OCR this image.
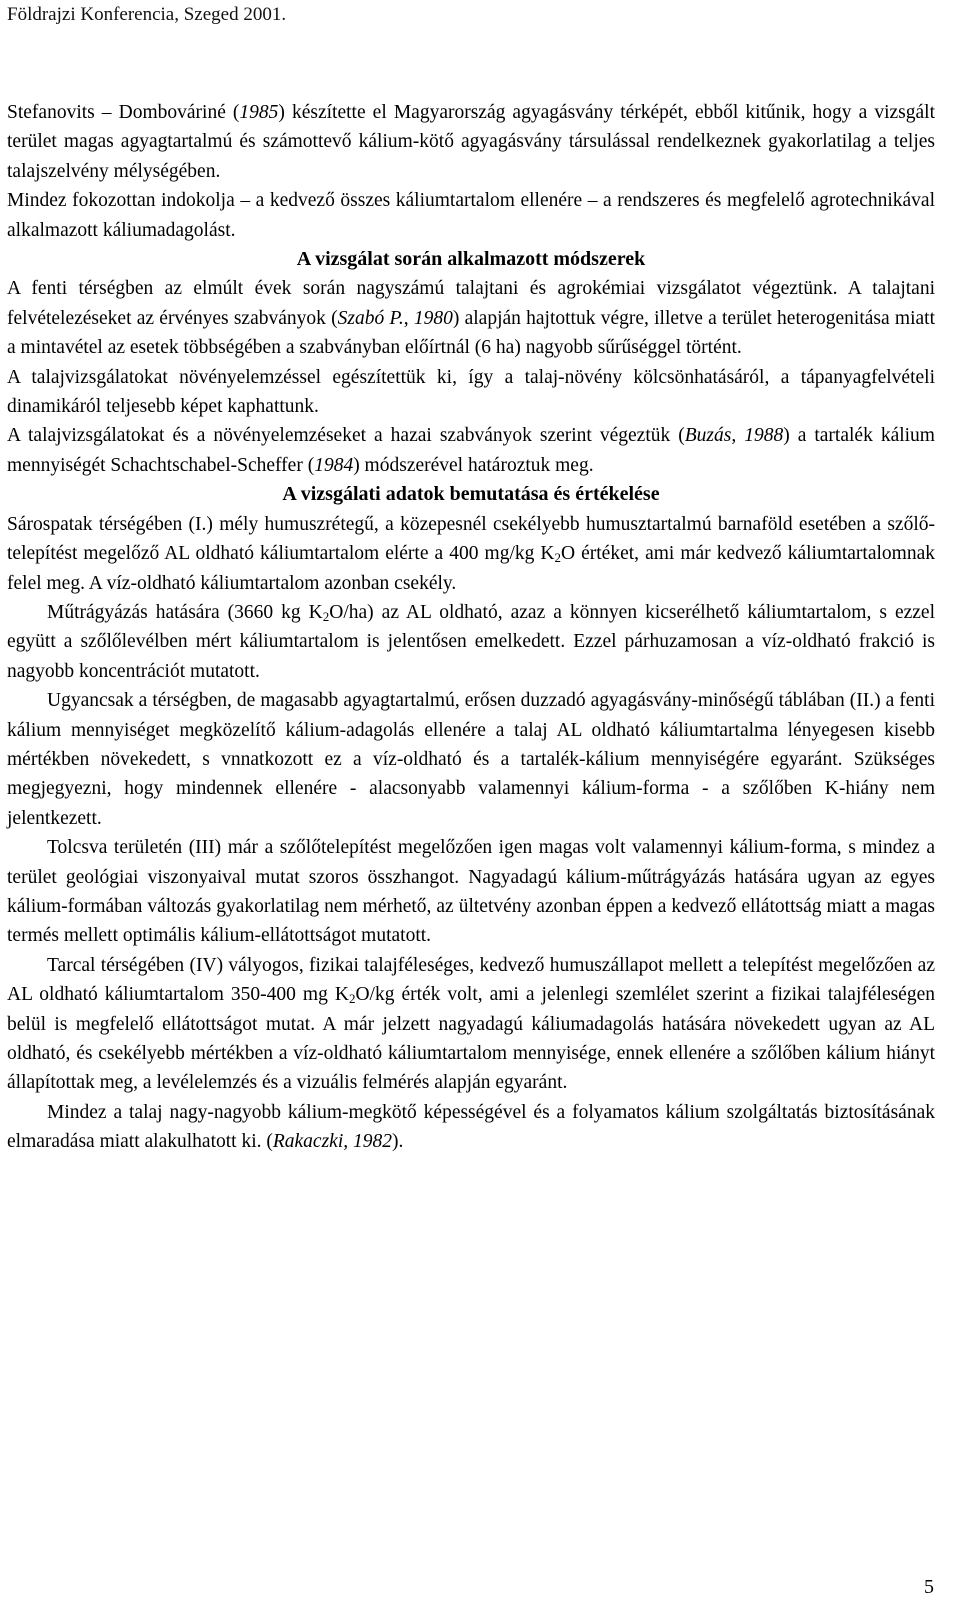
Földrajzi Konferencia, Szeged 2001.

Stefanovits – Dombováriné (1985) készítette el Magyarország agyagásvány térképét, ebből kitűnik, hogy a vizsgált terület magas agyagtartalmú és számottevő kálium-kötő agyagásvány társulással rendelkeznek gyakorlatilag a teljes talajszelvény mélységében.

Mindez fokozottan indokolja – a kedvező összes káliumtartalom ellenére – a rendszeres és megfelelő agrotechnikával alkalmazott káliumadagolást.

A vizsgálat során alkalmazott módszerek

A fenti térségben az elmúlt évek során nagyszámú talajtani és agrokémiai vizsgálatot végeztünk. A talajtani felvételezéseket az érvényes szabványok (Szabó P., 1980) alapján hajtottuk végre, illetve a terület heterogenitása miatt a mintavétel az esetek többségében a szabványban előírtnál (6 ha) nagyobb sűrűséggel történt.

A talajvizsgálatokat növényelemzéssel egészítettük ki, így a talaj-növény kölcsönhatásáról, a tápanyagfelvételi dinamikáról teljesebb képet kaphattunk.

A talajvizsgálatokat és a növényelemzéseket a hazai szabványok szerint végeztük (Buzás, 1988) a tartalék kálium mennyiségét Schachtschabel-Scheffer (1984) módszerével határoztuk meg.

A vizsgálati adatok bemutatása és értékelése

Sárospatak térségében (I.) mély humuszrétegű, a közepesnél csekélyebb humusztartalmú barnaföld esetében a szőlő-telepítést megelőző AL oldható káliumtartalom elérte a 400 mg/kg $K_2O$ értéket, ami már kedvező káliumtartalomnak felel meg. A víz-oldható káliumtartalom azonban csekély.

Műtrágyázás hatására (3660 kg $K_2O/ha$) az AL oldható, azaz a könnyen kicserélhető káliumtartalom, s ezzel együtt a szőlőlevélben mért káliumtartalom is jelentősen emelkedett. Ezzel párhuzamosan a víz-oldható frakció is nagyobb koncentrációt mutatott.

Ugyancsak a térségben, de magasabb agyagtartalmú, erősen duzzadó agyagásvány-minőségű táblában (II.) a fenti kálium mennyiséget megközelítő kálium-adagolás ellenére a talaj AL oldható káliumtartalma lényegesen kisebb mértékben növekedett, s vnnatkozott ez a víz-oldható és a tartalék-kálium mennyiségére egyaránt. Szükséges megjegyezni, hogy mindennek ellenére - alacsonyabb valamennyi kálium-forma - a szőlőben K-hiány nem jelentkezett.

Tolcsva területén (III) már a szőlőtelepítést megelőzően igen magas volt valamennyi kálium-forma, s mindez a terület geológiai viszonyaival mutat szoros összhangot. Nagyadagú kálium-műtrágyázás hatására ugyan az egyes kálium-formában változás gyakorlatilag nem mérhető, az ültetvény azonban éppen a kedvező ellátottság miatt a magas termés mellett optimális kálium-ellátottságot mutatott.

Tarcal térségében (IV) vályogos, fizikai talajféleséges, kedvező humuszállapot mellett a telepítést megelőzően az AL oldható káliumtartalom 350-400 mg $K_2O/kg$ érték volt, ami a jelenlegi szemlélet szerint a fizikai talajféleségen belül is megfelelő ellátottságot mutat. A már jelzett nagyadagú káliumadagolás hatására növekedett ugyan az AL oldható, és csekélyebb mértékben a víz-oldható káliumtartalom mennyisége, ennek ellenére a szőlőben kálium hiányt állapítottak meg, a levélelemzés és a vizuális felmérés alapján egyaránt.

Mindez a talaj nagy-nagyobb kálium-megkötő képességével és a folyamatos kálium szolgáltatás biztosításának elmaradása miatt alakulhatott ki. (Rakaczki, 1982).

5
